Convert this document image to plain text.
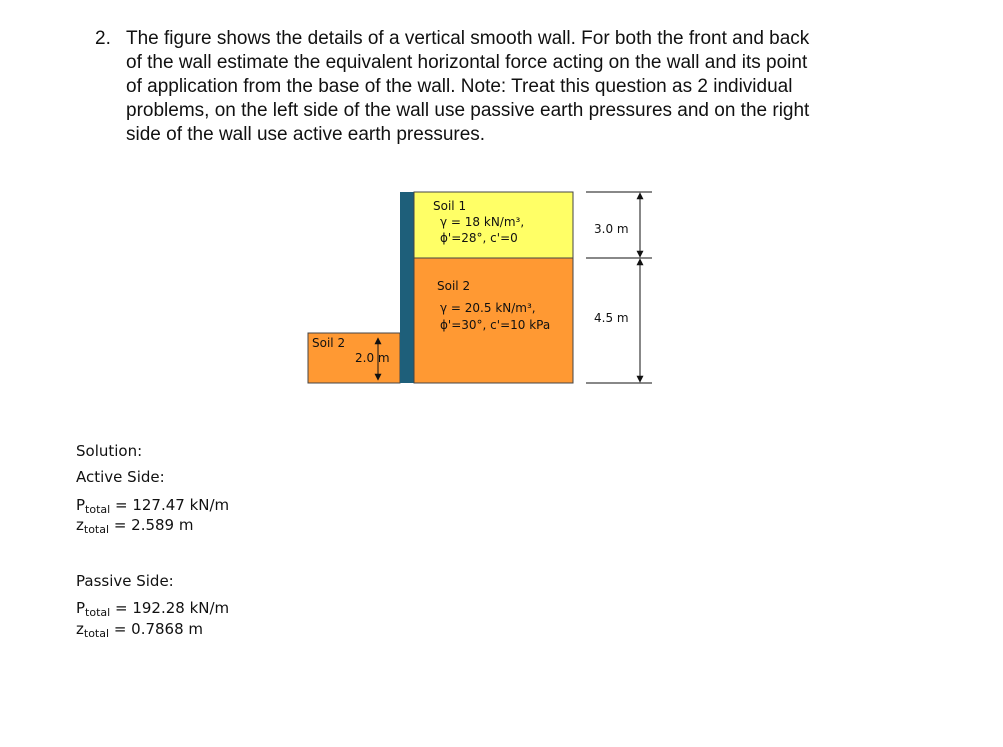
2. The figure shows the details of a vertical smooth wall. For both the front and back
of the wall estimate the equivalent horizontal force acting on the wall and its point
of application from the base of the wall. Note: Treat this question as 2 individual
problems, on the left side of the wall use passive earth pressures and on the right
side of the wall use active earth pressures.
Soil 2
2.0 m
Soil 1
γ = 18 kN/m³,
ϕ'=28°, c'=0
Soil 2
γ = 20.5 kN/m³,
ϕ'=30°, c'=10 kPa
3.0 m
4.5 m
Solution:
Active Side:
$P_{total} = 127.47$ kN/m
$z_{total} = 2.589$ m
Passive Side:
$P_{total} = 192.28$ kN/m
$z_{total} = 0.7868$ m
